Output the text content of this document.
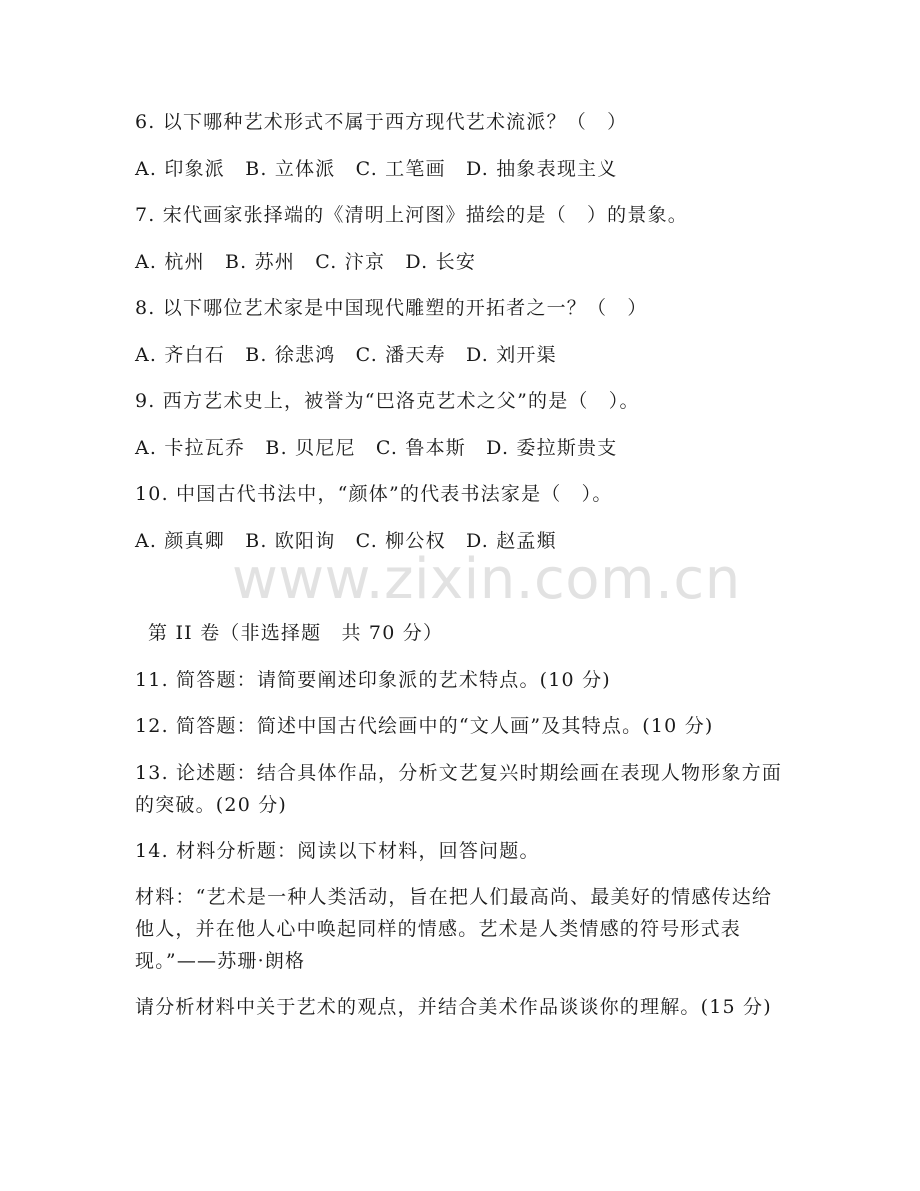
6. 以下哪种艺术形式不属于西方现代艺术流派？（　）
A. 印象派　B. 立体派　C. 工笔画　D. 抽象表现主义
7. 宋代画家张择端的《清明上河图》描绘的是（　）的景象。
A. 杭州　B. 苏州　C. 汴京　D. 长安
8. 以下哪位艺术家是中国现代雕塑的开拓者之一？（　）
A. 齐白石　B. 徐悲鸿　C. 潘天寿　D. 刘开渠
9. 西方艺术史上，被誉为“巴洛克艺术之父”的是（　）。
A. 卡拉瓦乔　B. 贝尼尼　C. 鲁本斯　D. 委拉斯贵支
10. 中国古代书法中，“颜体”的代表书法家是（　）。
A. 颜真卿　B. 欧阳询　C. 柳公权　D. 赵孟頫
www.zixin.com.cn
第 II 卷（非选择题　共 70 分）
11. 简答题：请简要阐述印象派的艺术特点。(10 分)
12. 简答题：简述中国古代绘画中的“文人画”及其特点。(10 分)
13. 论述题：结合具体作品，分析文艺复兴时期绘画在表现人物形象方面的突破。(20 分)
14. 材料分析题：阅读以下材料，回答问题。
材料：“艺术是一种人类活动，旨在把人们最高尚、最美好的情感传达给他人，并在他人心中唤起同样的情感。艺术是人类情感的符号形式表现。”——苏珊·朗格
请分析材料中关于艺术的观点，并结合美术作品谈谈你的理解。(15 分)
